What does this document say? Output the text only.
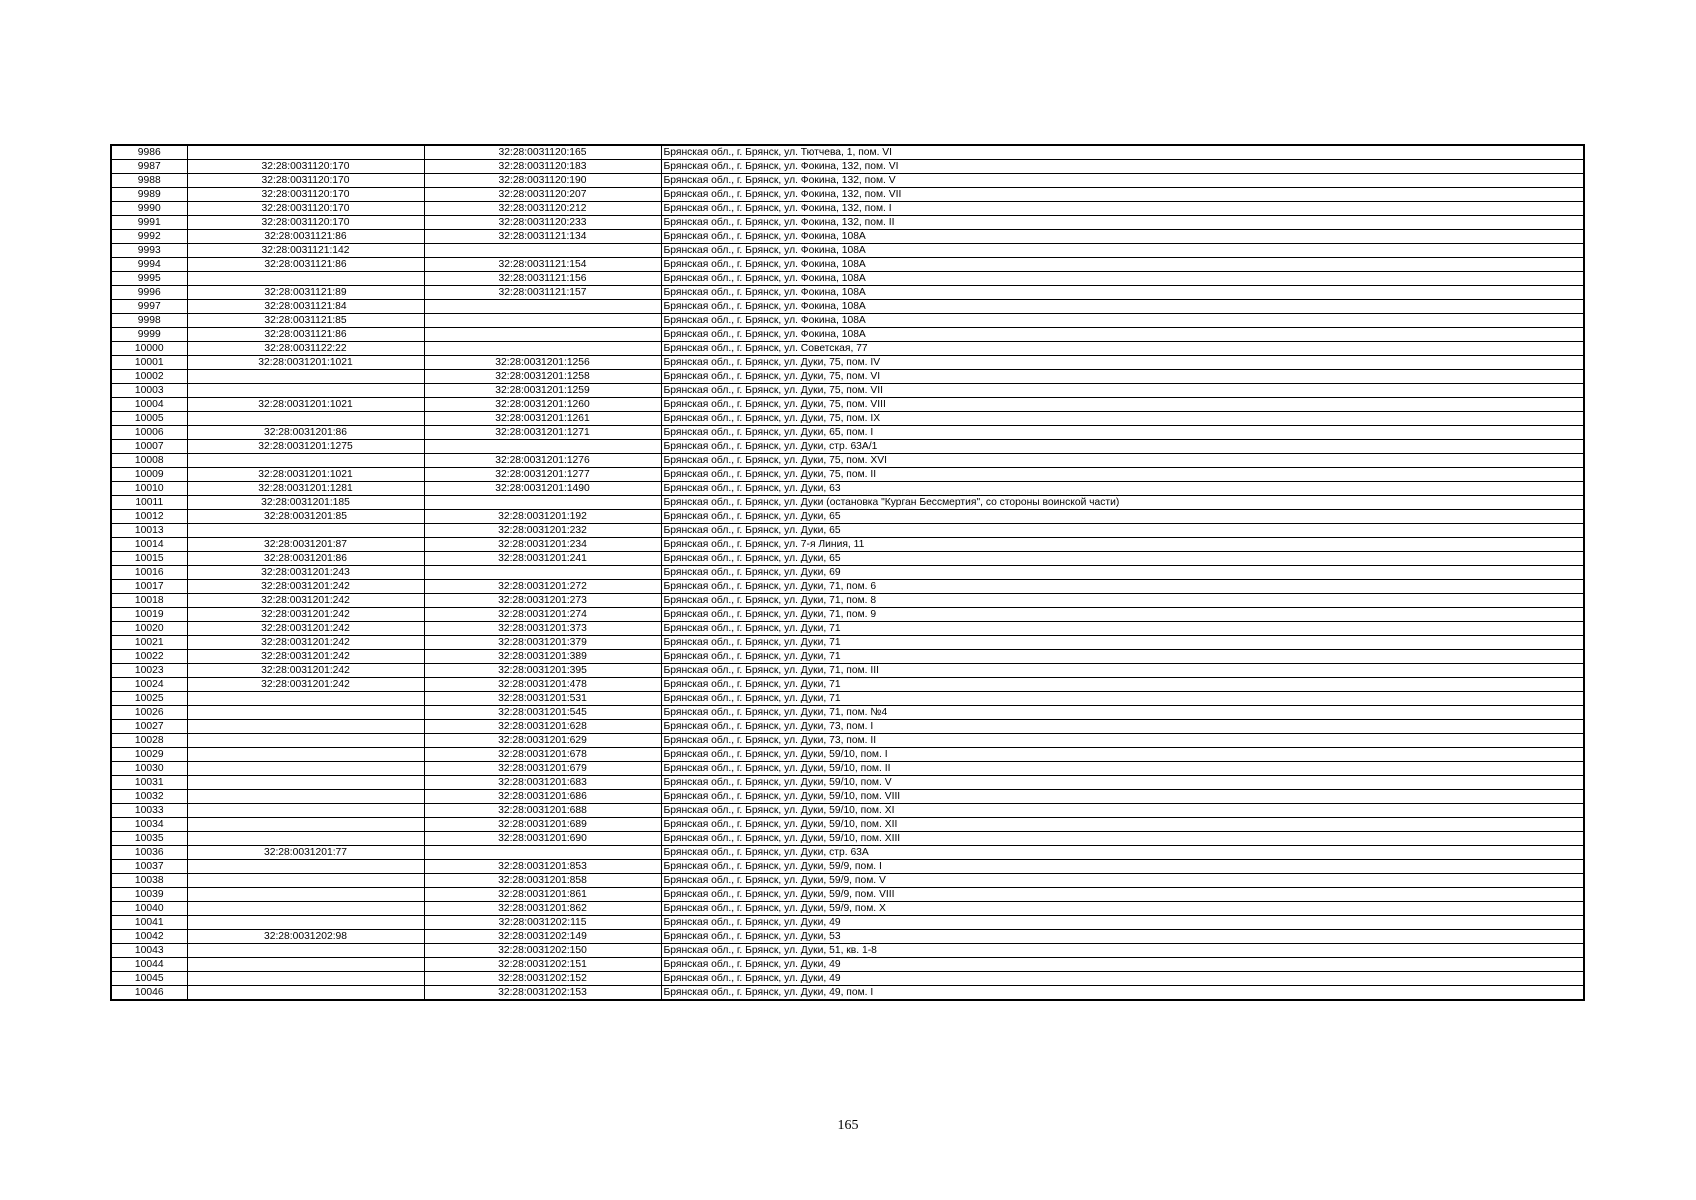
9986		32:28:0031120:165	Брянская обл., г. Брянск, ул. Тютчева, 1, пом. VI
9987	32:28:0031120:170	32:28:0031120:183	Брянская обл., г. Брянск, ул. Фокина, 132, пом. VI
9988	32:28:0031120:170	32:28:0031120:190	Брянская обл., г. Брянск, ул. Фокина, 132, пом. V
9989	32:28:0031120:170	32:28:0031120:207	Брянская обл., г. Брянск, ул. Фокина, 132, пом. VII
9990	32:28:0031120:170	32:28:0031120:212	Брянская обл., г. Брянск, ул. Фокина, 132, пом. I
9991	32:28:0031120:170	32:28:0031120:233	Брянская обл., г. Брянск, ул. Фокина, 132, пом. II
9992	32:28:0031121:86	32:28:0031121:134	Брянская обл., г. Брянск, ул. Фокина, 108А
9993	32:28:0031121:142		Брянская обл., г. Брянск, ул. Фокина, 108А
9994	32:28:0031121:86	32:28:0031121:154	Брянская обл., г. Брянск, ул. Фокина, 108А
9995		32:28:0031121:156	Брянская обл., г. Брянск, ул. Фокина, 108А
9996	32:28:0031121:89	32:28:0031121:157	Брянская обл., г. Брянск, ул. Фокина, 108А
9997	32:28:0031121:84		Брянская обл., г. Брянск, ул. Фокина, 108А
9998	32:28:0031121:85		Брянская обл., г. Брянск, ул. Фокина, 108А
9999	32:28:0031121:86		Брянская обл., г. Брянск, ул. Фокина, 108А
10000	32:28:0031122:22		Брянская обл., г. Брянск, ул. Советская, 77
10001	32:28:0031201:1021	32:28:0031201:1256	Брянская обл., г. Брянск, ул. Дуки, 75, пом. IV
10002		32:28:0031201:1258	Брянская обл., г. Брянск, ул. Дуки, 75, пом. VI
10003		32:28:0031201:1259	Брянская обл., г. Брянск, ул. Дуки, 75, пом. VII
10004	32:28:0031201:1021	32:28:0031201:1260	Брянская обл., г. Брянск, ул. Дуки, 75, пом. VIII
10005		32:28:0031201:1261	Брянская обл., г. Брянск, ул. Дуки, 75, пом. IX
10006	32:28:0031201:86	32:28:0031201:1271	Брянская обл., г. Брянск, ул. Дуки, 65, пом. I
10007	32:28:0031201:1275		Брянская обл., г. Брянск, ул. Дуки, стр. 63А/1
10008		32:28:0031201:1276	Брянская обл., г. Брянск, ул. Дуки, 75, пом. XVI
10009	32:28:0031201:1021	32:28:0031201:1277	Брянская обл., г. Брянск, ул. Дуки, 75, пом. II
10010	32:28:0031201:1281	32:28:0031201:1490	Брянская обл., г. Брянск, ул. Дуки, 63
10011	32:28:0031201:185		Брянская обл., г. Брянск, ул. Дуки (остановка "Курган Бессмертия", со стороны воинской части)
10012	32:28:0031201:85	32:28:0031201:192	Брянская обл., г. Брянск, ул. Дуки, 65
10013		32:28:0031201:232	Брянская обл., г. Брянск, ул. Дуки, 65
10014	32:28:0031201:87	32:28:0031201:234	Брянская обл., г. Брянск, ул. 7-я Линия, 11
10015	32:28:0031201:86	32:28:0031201:241	Брянская обл., г. Брянск, ул. Дуки, 65
10016	32:28:0031201:243		Брянская обл., г. Брянск, ул. Дуки, 69
10017	32:28:0031201:242	32:28:0031201:272	Брянская обл., г. Брянск, ул. Дуки, 71, пом. 6
10018	32:28:0031201:242	32:28:0031201:273	Брянская обл., г. Брянск, ул. Дуки, 71, пом. 8
10019	32:28:0031201:242	32:28:0031201:274	Брянская обл., г. Брянск, ул. Дуки, 71, пом. 9
10020	32:28:0031201:242	32:28:0031201:373	Брянская обл., г. Брянск, ул. Дуки, 71
10021	32:28:0031201:242	32:28:0031201:379	Брянская обл., г. Брянск, ул. Дуки, 71
10022	32:28:0031201:242	32:28:0031201:389	Брянская обл., г. Брянск, ул. Дуки, 71
10023	32:28:0031201:242	32:28:0031201:395	Брянская обл., г. Брянск, ул. Дуки, 71, пом. III
10024	32:28:0031201:242	32:28:0031201:478	Брянская обл., г. Брянск, ул. Дуки, 71
10025		32:28:0031201:531	Брянская обл., г. Брянск, ул. Дуки, 71
10026		32:28:0031201:545	Брянская обл., г. Брянск, ул. Дуки, 71, пом. №4
10027		32:28:0031201:628	Брянская обл., г. Брянск, ул. Дуки, 73, пом. I
10028		32:28:0031201:629	Брянская обл., г. Брянск, ул. Дуки, 73, пом. II
10029		32:28:0031201:678	Брянская обл., г. Брянск, ул. Дуки, 59/10, пом. I
10030		32:28:0031201:679	Брянская обл., г. Брянск, ул. Дуки, 59/10, пом. II
10031		32:28:0031201:683	Брянская обл., г. Брянск, ул. Дуки, 59/10, пом. V
10032		32:28:0031201:686	Брянская обл., г. Брянск, ул. Дуки, 59/10, пом. VIII
10033		32:28:0031201:688	Брянская обл., г. Брянск, ул. Дуки, 59/10, пом. XI
10034		32:28:0031201:689	Брянская обл., г. Брянск, ул. Дуки, 59/10, пом. XII
10035		32:28:0031201:690	Брянская обл., г. Брянск, ул. Дуки, 59/10, пом. XIII
10036	32:28:0031201:77		Брянская обл., г. Брянск, ул. Дуки, стр. 63А
10037		32:28:0031201:853	Брянская обл., г. Брянск, ул. Дуки, 59/9, пом. I
10038		32:28:0031201:858	Брянская обл., г. Брянск, ул. Дуки, 59/9, пом. V
10039		32:28:0031201:861	Брянская обл., г. Брянск, ул. Дуки, 59/9, пом. VIII
10040		32:28:0031201:862	Брянская обл., г. Брянск, ул. Дуки, 59/9, пом. X
10041		32:28:0031202:115	Брянская обл., г. Брянск, ул. Дуки, 49
10042	32:28:0031202:98	32:28:0031202:149	Брянская обл., г. Брянск, ул. Дуки, 53
10043		32:28:0031202:150	Брянская обл., г. Брянск, ул. Дуки, 51, кв. 1-8
10044		32:28:0031202:151	Брянская обл., г. Брянск, ул. Дуки, 49
10045		32:28:0031202:152	Брянская обл., г. Брянск, ул. Дуки, 49
10046		32:28:0031202:153	Брянская обл., г. Брянск, ул. Дуки, 49, пом. I
165
